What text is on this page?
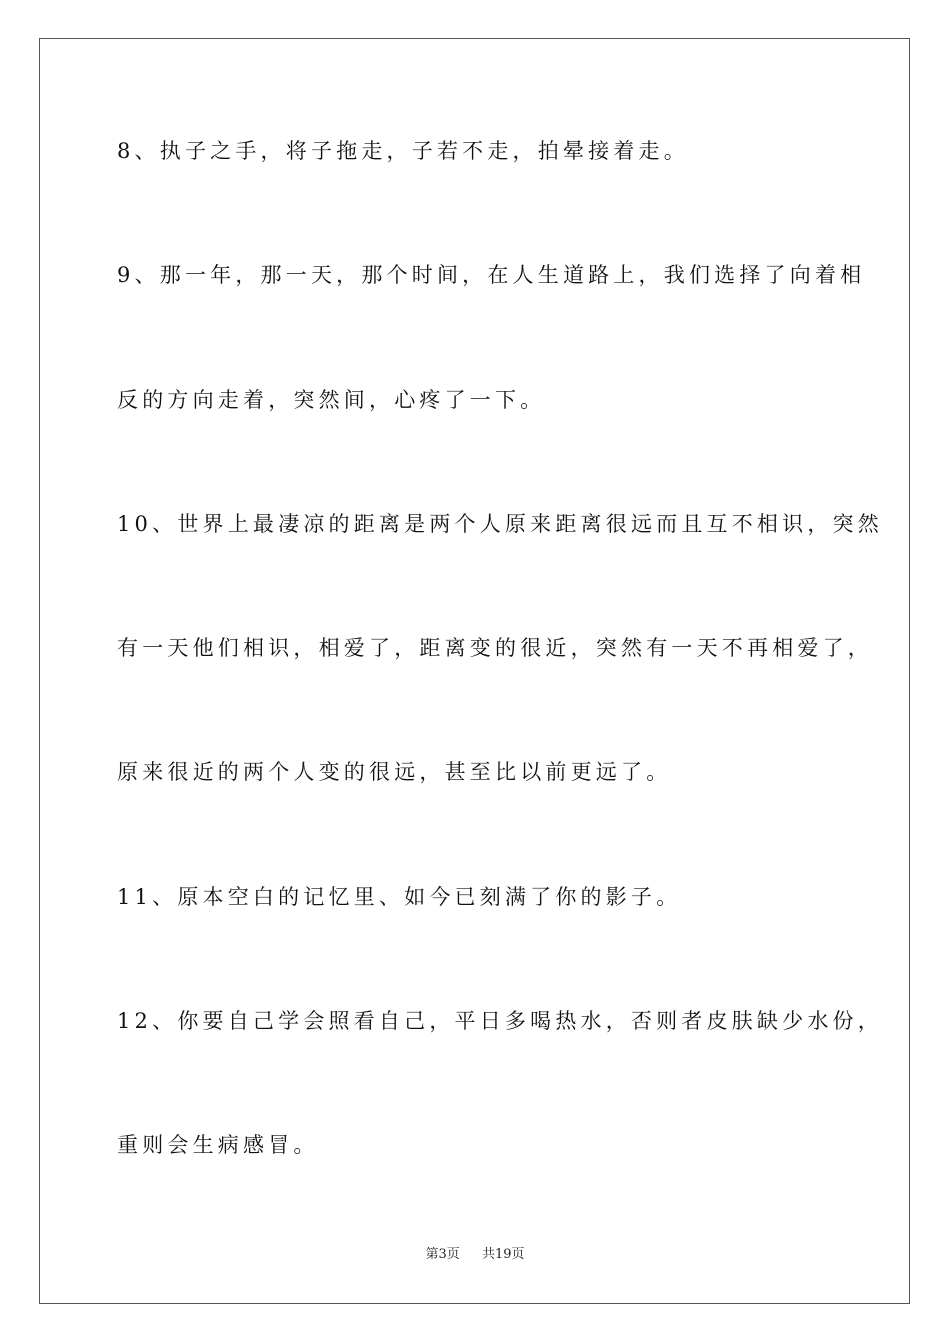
8、执子之手，将子拖走，子若不走，拍晕接着走。
9、那一年，那一天，那个时间，在人生道路上，我们选择了向着相
反的方向走着，突然间，心疼了一下。
10、世界上最凄凉的距离是两个人原来距离很远而且互不相识，突然
有一天他们相识，相爱了，距离变的很近，突然有一天不再相爱了，
原来很近的两个人变的很远，甚至比以前更远了。
11、原本空白的记忆里、如今已刻满了你的影子。
12、你要自己学会照看自己，平日多喝热水，否则者皮肤缺少水份，
重则会生病感冒。
第3页 共19页
